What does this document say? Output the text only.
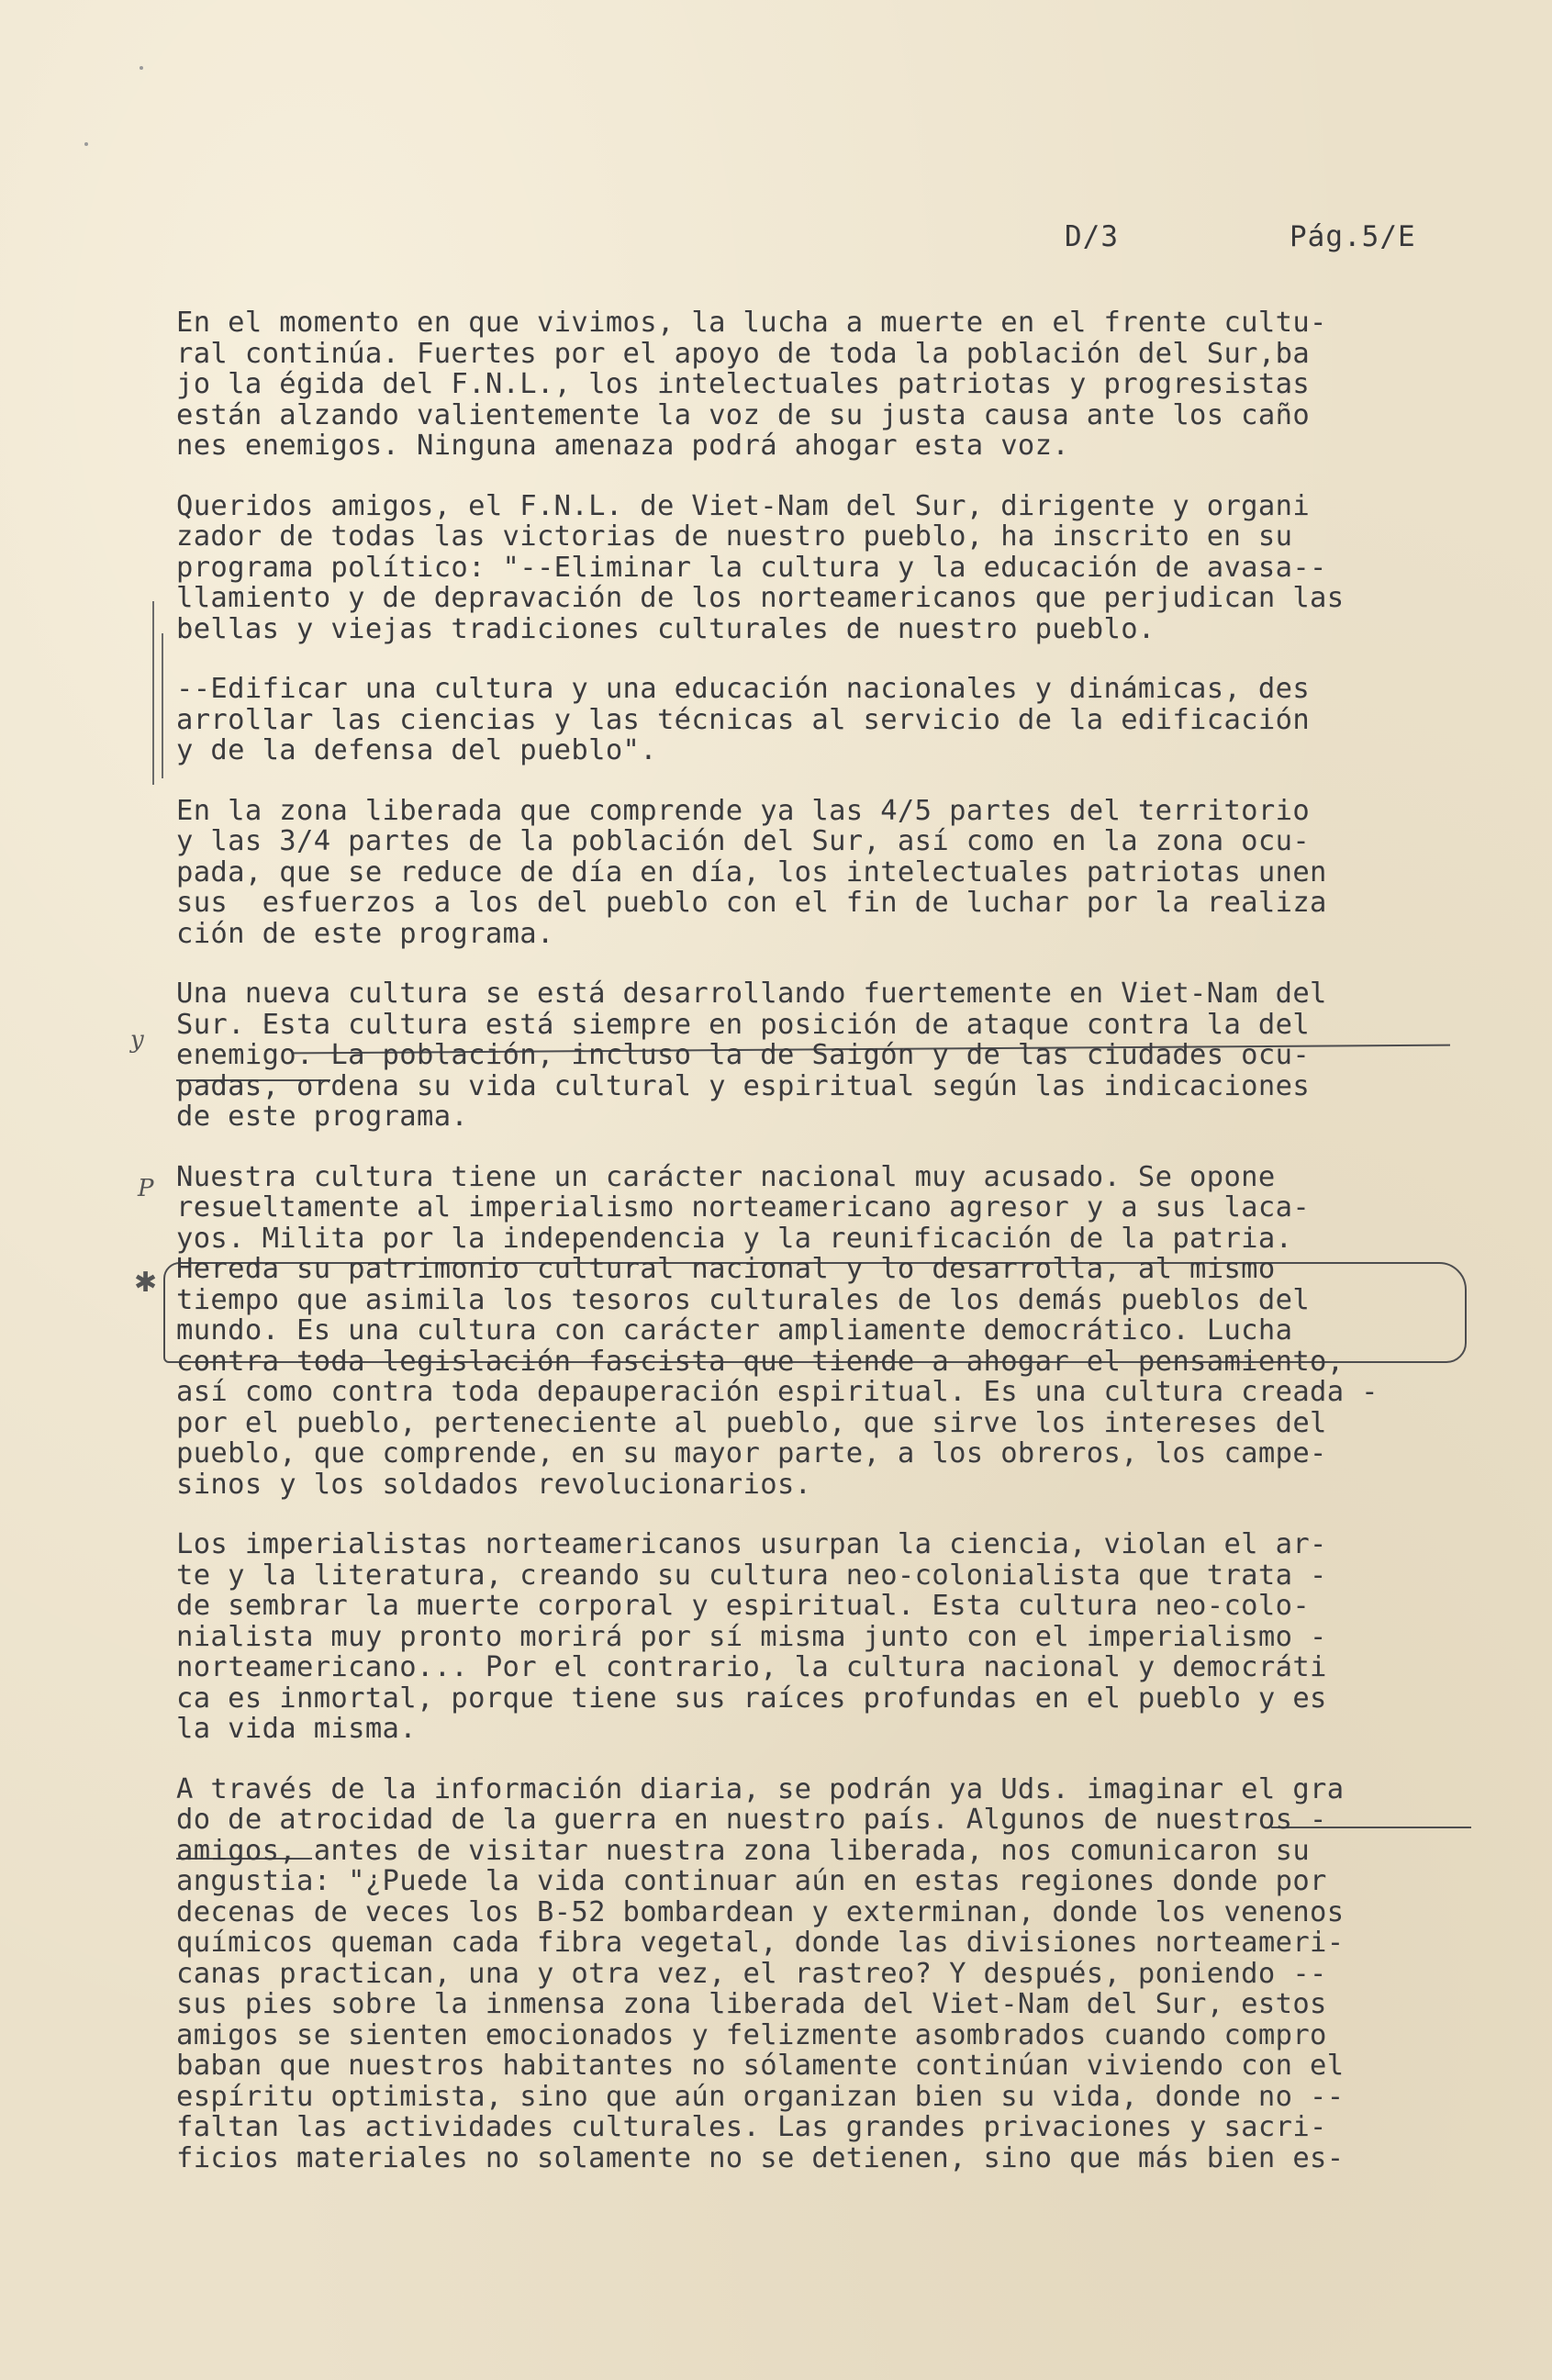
D/3	Pág.5/E
y
P
✱
En el momento en que vivimos, la lucha a muerte en el frente cultu-
ral continúa. Fuertes por el apoyo de toda la población del Sur,ba
jo la égida del F.N.L., los intelectuales patriotas y progresistas
están alzando valientemente la voz de su justa causa ante los caño
nes enemigos. Ninguna amenaza podrá ahogar esta voz.
Queridos amigos, el F.N.L. de Viet-Nam del Sur, dirigente y organi
zador de todas las victorias de nuestro pueblo, ha inscrito en su
programa político: "--Eliminar la cultura y la educación de avasa--
llamiento y de depravación de los norteamericanos que perjudican las
bellas y viejas tradiciones culturales de nuestro pueblo.
--Edificar una cultura y una educación nacionales y dinámicas, des
arrollar las ciencias y las técnicas al servicio de la edificación
y de la defensa del pueblo".
En la zona liberada que comprende ya las 4/5 partes del territorio
y las 3/4 partes de la población del Sur, así como en la zona ocu-
pada, que se reduce de día en día, los intelectuales patriotas unen
sus  esfuerzos a los del pueblo con el fin de luchar por la realiza
ción de este programa.
Una nueva cultura se está desarrollando fuertemente en Viet-Nam del
Sur. Esta cultura está siempre en posición de ataque contra la del
enemigo. La población, incluso la de Saigón y de las ciudades ocu-
padas, ordena su vida cultural y espiritual según las indicaciones
de este programa.
Nuestra cultura tiene un carácter nacional muy acusado. Se opone
resueltamente al imperialismo norteamericano agresor y a sus laca-
yos. Milita por la independencia y la reunificación de la patria.
Hereda su patrimonio cultural nacional y lo desarrolla, al mismo
tiempo que asimila los tesoros culturales de los demás pueblos del
mundo. Es una cultura con carácter ampliamente democrático. Lucha
contra toda legislación fascista que tiende a ahogar el pensamiento,
así como contra toda depauperación espiritual. Es una cultura creada -
por el pueblo, perteneciente al pueblo, que sirve los intereses del
pueblo, que comprende, en su mayor parte, a los obreros, los campe-
sinos y los soldados revolucionarios.
Los imperialistas norteamericanos usurpan la ciencia, violan el ar-
te y la literatura, creando su cultura neo-colonialista que trata -
de sembrar la muerte corporal y espiritual. Esta cultura neo-colo-
nialista muy pronto morirá por sí misma junto con el imperialismo -
norteamericano... Por el contrario, la cultura nacional y democráti
ca es inmortal, porque tiene sus raíces profundas en el pueblo y es
la vida misma.
A través de la información diaria, se podrán ya Uds. imaginar el gra
do de atrocidad de la guerra en nuestro país. Algunos de nuestros -
amigos, antes de visitar nuestra zona liberada, nos comunicaron su
angustia: "¿Puede la vida continuar aún en estas regiones donde por
decenas de veces los B-52 bombardean y exterminan, donde los venenos
químicos queman cada fibra vegetal, donde las divisiones norteameri-
canas practican, una y otra vez, el rastreo? Y después, poniendo --
sus pies sobre la inmensa zona liberada del Viet-Nam del Sur, estos
amigos se sienten emocionados y felizmente asombrados cuando compro
baban que nuestros habitantes no sólamente continúan viviendo con el
espíritu optimista, sino que aún organizan bien su vida, donde no --
faltan las actividades culturales. Las grandes privaciones y sacri-
ficios materiales no solamente no se detienen, sino que más bien es-
